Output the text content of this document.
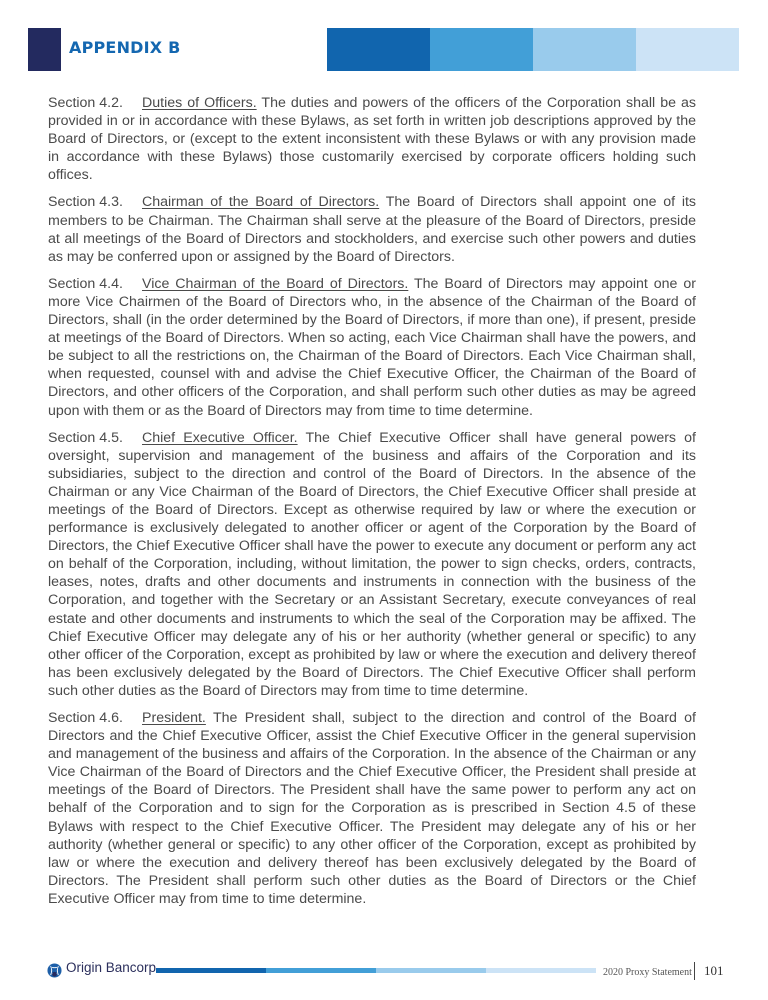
APPENDIX B

Section 4.2. Duties of Officers. The duties and powers of the officers of the Corporation shall be as provided in or in accordance with these Bylaws, as set forth in written job descriptions approved by the Board of Directors, or (except to the extent inconsistent with these Bylaws or with any provision made in accordance with these Bylaws) those customarily exercised by corporate officers holding such offices.

Section 4.3. Chairman of the Board of Directors. The Board of Directors shall appoint one of its members to be Chairman. The Chairman shall serve at the pleasure of the Board of Directors, preside at all meetings of the Board of Directors and stockholders, and exercise such other powers and duties as may be conferred upon or assigned by the Board of Directors.

Section 4.4. Vice Chairman of the Board of Directors. The Board of Directors may appoint one or more Vice Chairmen of the Board of Directors who, in the absence of the Chairman of the Board of Directors, shall (in the order determined by the Board of Directors, if more than one), if present, preside at meetings of the Board of Directors. When so acting, each Vice Chairman shall have the powers, and be subject to all the restrictions on, the Chairman of the Board of Directors. Each Vice Chairman shall, when requested, counsel with and advise the Chief Executive Officer, the Chairman of the Board of Directors, and other officers of the Corporation, and shall perform such other duties as may be agreed upon with them or as the Board of Directors may from time to time determine.

Section 4.5. Chief Executive Officer. The Chief Executive Officer shall have general powers of oversight, supervision and management of the business and affairs of the Corporation and its subsidiaries, subject to the direction and control of the Board of Directors. In the absence of the Chairman or any Vice Chairman of the Board of Directors, the Chief Executive Officer shall preside at meetings of the Board of Directors. Except as otherwise required by law or where the execution or performance is exclusively delegated to another officer or agent of the Corporation by the Board of Directors, the Chief Executive Officer shall have the power to execute any document or perform any act on behalf of the Corporation, including, without limitation, the power to sign checks, orders, contracts, leases, notes, drafts and other documents and instruments in connection with the business of the Corporation, and together with the Secretary or an Assistant Secretary, execute conveyances of real estate and other documents and instruments to which the seal of the Corporation may be affixed. The Chief Executive Officer may delegate any of his or her authority (whether general or specific) to any other officer of the Corporation, except as prohibited by law or where the execution and delivery thereof has been exclusively delegated by the Board of Directors. The Chief Executive Officer shall perform such other duties as the Board of Directors may from time to time determine.

Section 4.6. President. The President shall, subject to the direction and control of the Board of Directors and the Chief Executive Officer, assist the Chief Executive Officer in the general supervision and management of the business and affairs of the Corporation. In the absence of the Chairman or any Vice Chairman of the Board of Directors and the Chief Executive Officer, the President shall preside at meetings of the Board of Directors. The President shall have the same power to perform any act on behalf of the Corporation and to sign for the Corporation as is prescribed in Section 4.5 of these Bylaws with respect to the Chief Executive Officer. The President may delegate any of his or her authority (whether general or specific) to any other officer of the Corporation, except as prohibited by law or where the execution and delivery thereof has been exclusively delegated by the Board of Directors. The President shall perform such other duties as the Board of Directors or the Chief Executive Officer may from time to time determine.

Origin Bancorp	2020 Proxy Statement 101
